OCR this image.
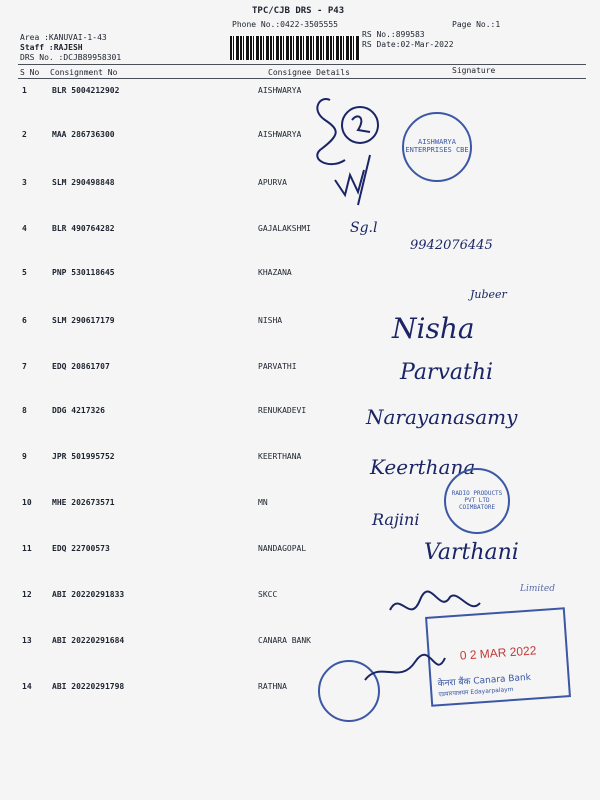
TPC/CJB DRS - P43
Phone No.:0422-3505555	Page No.:1
Area :KANUVAI-1-43
Staff :RAJESH
DRS No. :DCJB89958301
RS No.:899583
RS Date:02-Mar-2022
S No Consignment No	Consignee Details	Signature
1	BLR 5004212902	AISHWARYA
2	MAA 286736300	AISHWARYA
3	SLM 290498848	APURVA
4	BLR 490764282	GAJALAKSHMI
5	PNP 530118645	KHAZANA
6	SLM 290617179	NISHA
7	EDQ 20861707	PARVATHI
8	DDG 4217326	RENUKADEVI
9	JPR 501995752	KEERTHANA
10	MHE 202673571	MN
11	EDQ 22700573	NANDAGOPAL
12	ABI 20220291833	SKCC
13	ABI 20220291684	CANARA BANK
14	ABI 20220291798	RATHNA
AISHWARYA ENTERPRISES CBE
Sg.l
9942076445
Jubeer
Nisha
Parvathi
Narayanasamy
Keerthana
RADIO PRODUCTS PVT LTD COIMBATORE
Rajini
Varthani
Limited
0 2 MAR 2022
केनरा बैंक Canara Bank
एडयारपालयम Edayarpalaym
